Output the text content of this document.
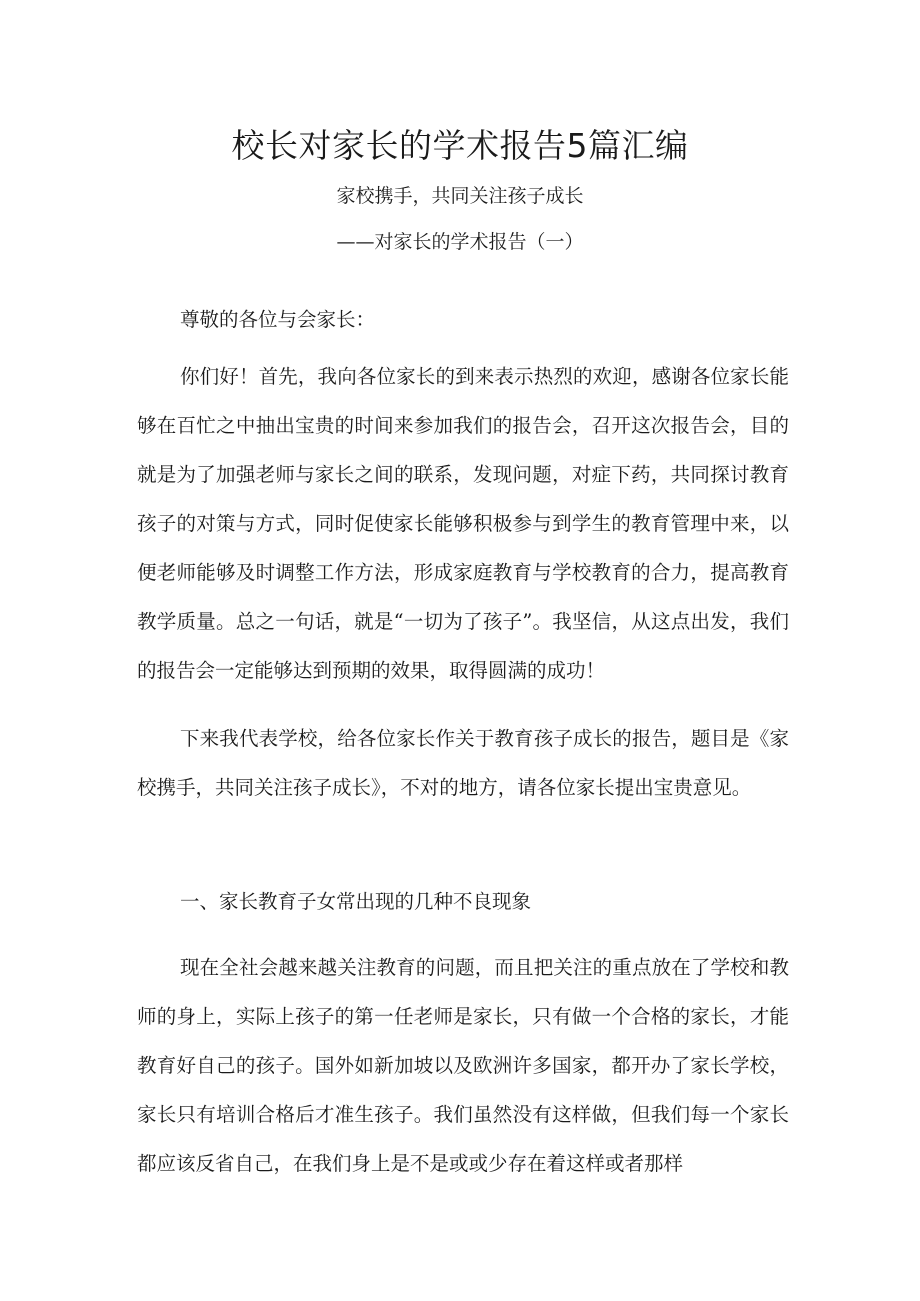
校长对家长的学术报告5篇汇编

家校携手，共同关注孩子成长

——对家长的学术报告（一）

尊敬的各位与会家长：

你们好！首先，我向各位家长的到来表示热烈的欢迎，感谢各位家长能够在百忙之中抽出宝贵的时间来参加我们的报告会，召开这次报告会，目的就是为了加强老师与家长之间的联系，发现问题，对症下药，共同探讨教育孩子的对策与方式，同时促使家长能够积极参与到学生的教育管理中来，以便老师能够及时调整工作方法，形成家庭教育与学校教育的合力，提高教育教学质量。总之一句话，就是“一切为了孩子”。我坚信，从这点出发，我们的报告会一定能够达到预期的效果，取得圆满的成功！

下来我代表学校，给各位家长作关于教育孩子成长的报告，题目是《家校携手，共同关注孩子成长》，不对的地方，请各位家长提出宝贵意见。

一、家长教育子女常出现的几种不良现象

现在全社会越来越关注教育的问题，而且把关注的重点放在了学校和教师的身上，实际上孩子的第一任老师是家长，只有做一个合格的家长，才能教育好自己的孩子。国外如新加坡以及欧洲许多国家，都开办了家长学校，家长只有培训合格后才准生孩子。我们虽然没有这样做，但我们每一个家长都应该反省自己，在我们身上是不是或或少存在着这样或者那样
